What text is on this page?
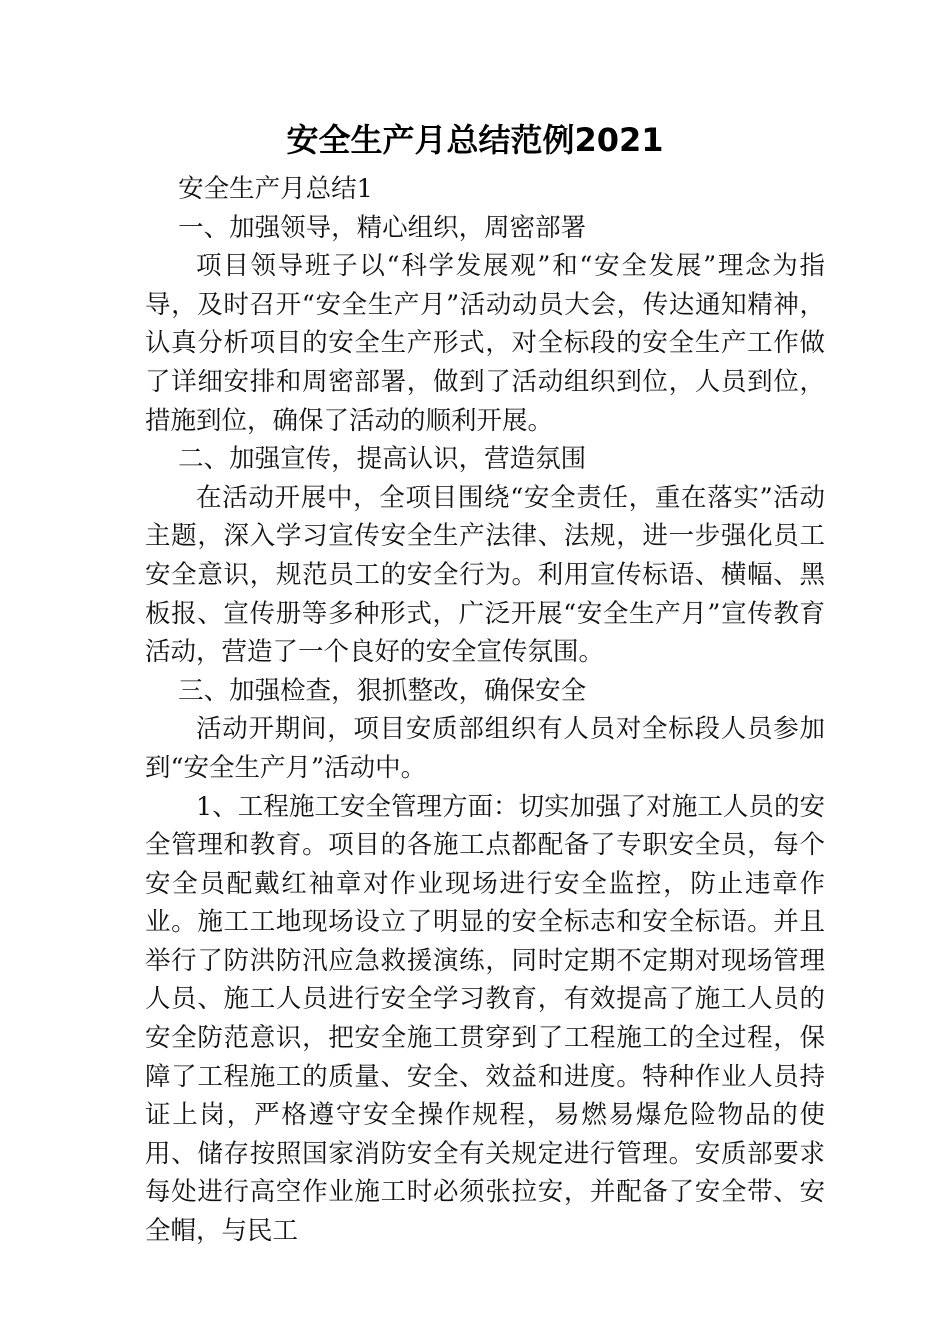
安全生产月总结范例2021

安全生产月总结1

一、加强领导，精心组织，周密部署

项目领导班子以“科学发展观”和“安全发展”理念为指导，及时召开“安全生产月”活动动员大会，传达通知精神，认真分析项目的安全生产形式，对全标段的安全生产工作做了详细安排和周密部署，做到了活动组织到位，人员到位，措施到位，确保了活动的顺利开展。

二、加强宣传，提高认识，营造氛围

在活动开展中，全项目围绕“安全责任，重在落实”活动主题，深入学习宣传安全生产法律、法规，进一步强化员工安全意识，规范员工的安全行为。利用宣传标语、横幅、黑板报、宣传册等多种形式，广泛开展“安全生产月”宣传教育活动，营造了一个良好的安全宣传氛围。

三、加强检查，狠抓整改，确保安全

活动开期间，项目安质部组织有人员对全标段人员参加到“安全生产月”活动中。

1、工程施工安全管理方面：切实加强了对施工人员的安全管理和教育。项目的各施工点都配备了专职安全员，每个安全员配戴红袖章对作业现场进行安全监控，防止违章作业。施工工地现场设立了明显的安全标志和安全标语。并且举行了防洪防汛应急救援演练，同时定期不定期对现场管理人员、施工人员进行安全学习教育，有效提高了施工人员的安全防范意识，把安全施工贯穿到了工程施工的全过程，保障了工程施工的质量、安全、效益和进度。特种作业人员持证上岗，严格遵守安全操作规程，易燃易爆危险物品的使用、储存按照国家消防安全有关规定进行管理。安质部要求每处进行高空作业施工时必须张拉安，并配备了安全带、安全帽，与民工
